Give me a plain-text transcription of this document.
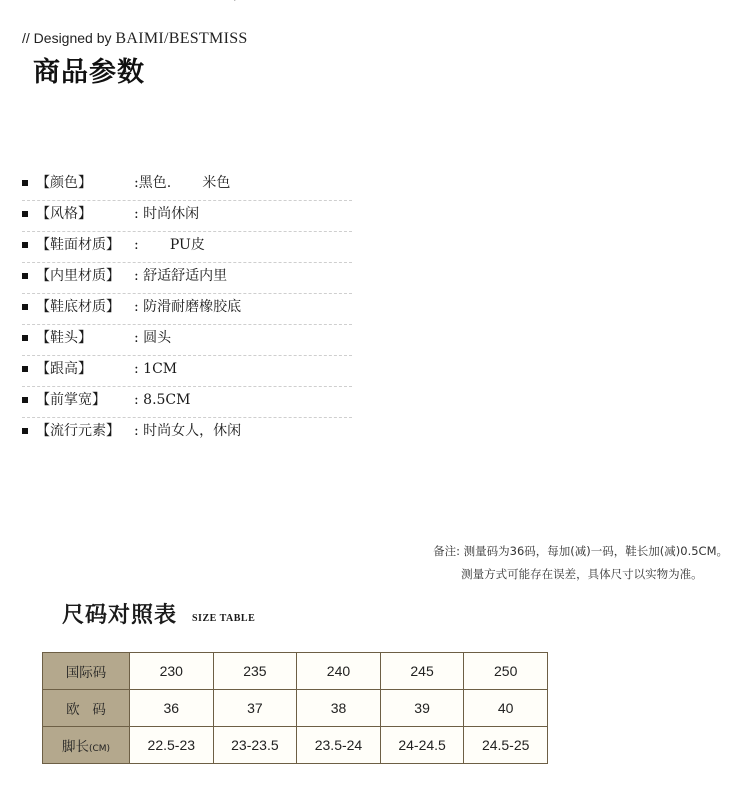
// Designed by BAIMI/BESTMISS
商品参数
【颜色】	:黑色.       米色
【风格】	: 时尚休闲
【鞋面材质】 :       PU皮
【内里材质】 : 舒适舒适内里
【鞋底材质】 : 防滑耐磨橡胶底
【鞋头】	: 圆头
【跟高】	: 1CM
【前掌宽】 : 8.5CM
【流行元素】 : 时尚女人，休闲
备注: 测量码为36码，每加(减)一码，鞋长加(减)0.5CM。
测量方式可能存在误差，具体尺寸以实物为准。
尺码对照表 SIZE TABLE
国际码	230	235	240	245	250
欧   码	36	37	38	39	40
脚长(CM)	22.5-23	23-23.5	23.5-24	24-24.5	24.5-25
